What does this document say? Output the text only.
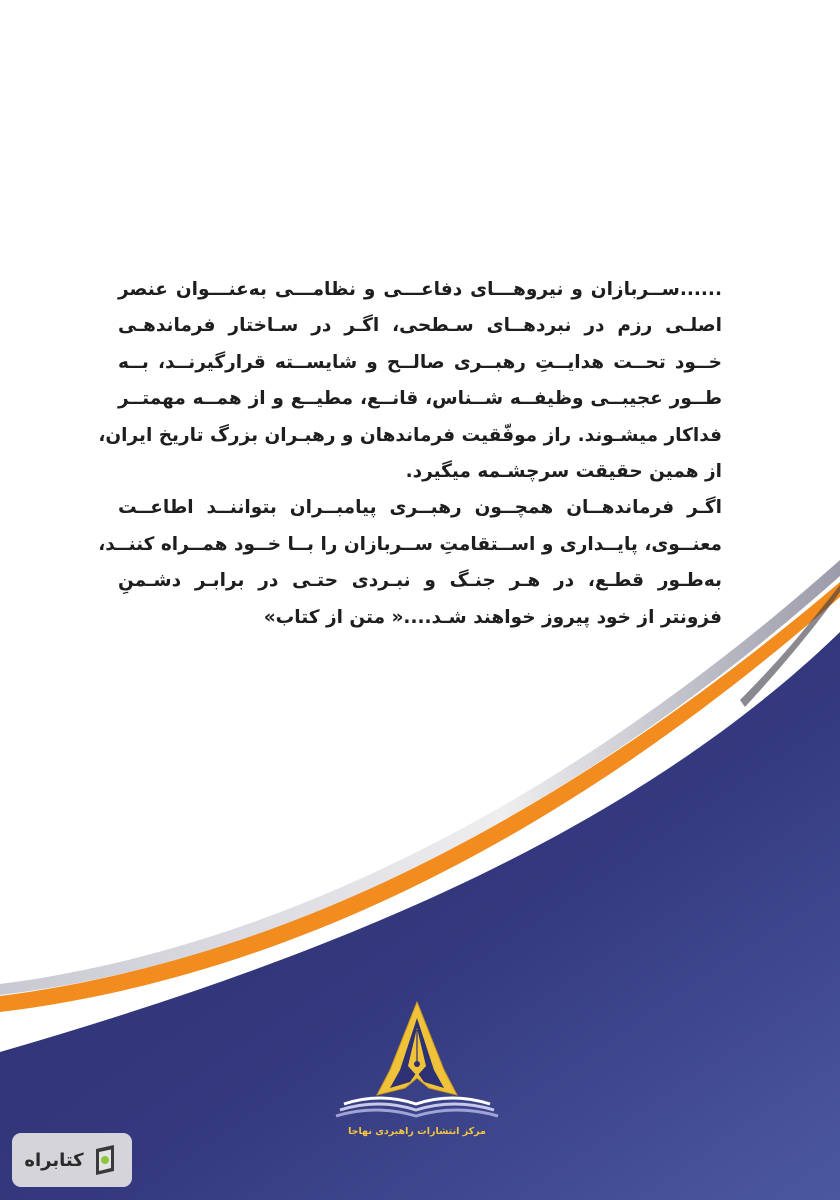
......ســربازان و نیروهـــای دفاعـــی و نظامـــی به‌عنـــوان عنصر
اصلـی رزم در نبردهــای سـطحی، اگـر در سـاختار فرماندهـی
خــود تحــت هدایــتِ رهبــری صالــح و شایســته قرارگیرنــد، بــه
طــور عجیبــی وظیفــه شــناس، قانــع، مطیــع و از همــه مهمتــر
فداکار میشـوند. راز موفّقیت فرماندهان و رهبـران بزرگ تاریخ ایران،
از همین حقیقت سرچشـمه میگیرد.

اگـر فرماندهــان همچــون رهبــری پیامبــران بتواننــد اطاعــت
معنــوی، پایــداری و اســتقامتِ ســربازان را بــا خــود همــراه کننــد،
به‌طـور قطـع، در هـر جنـگ و نبـردی حتـی در برابـر دشـمنِ
فزونتر از خود پیروز خواهند شـد....« متن از کتاب»

مرکز انتشارات راهبردی نهاجا
کتابراه
